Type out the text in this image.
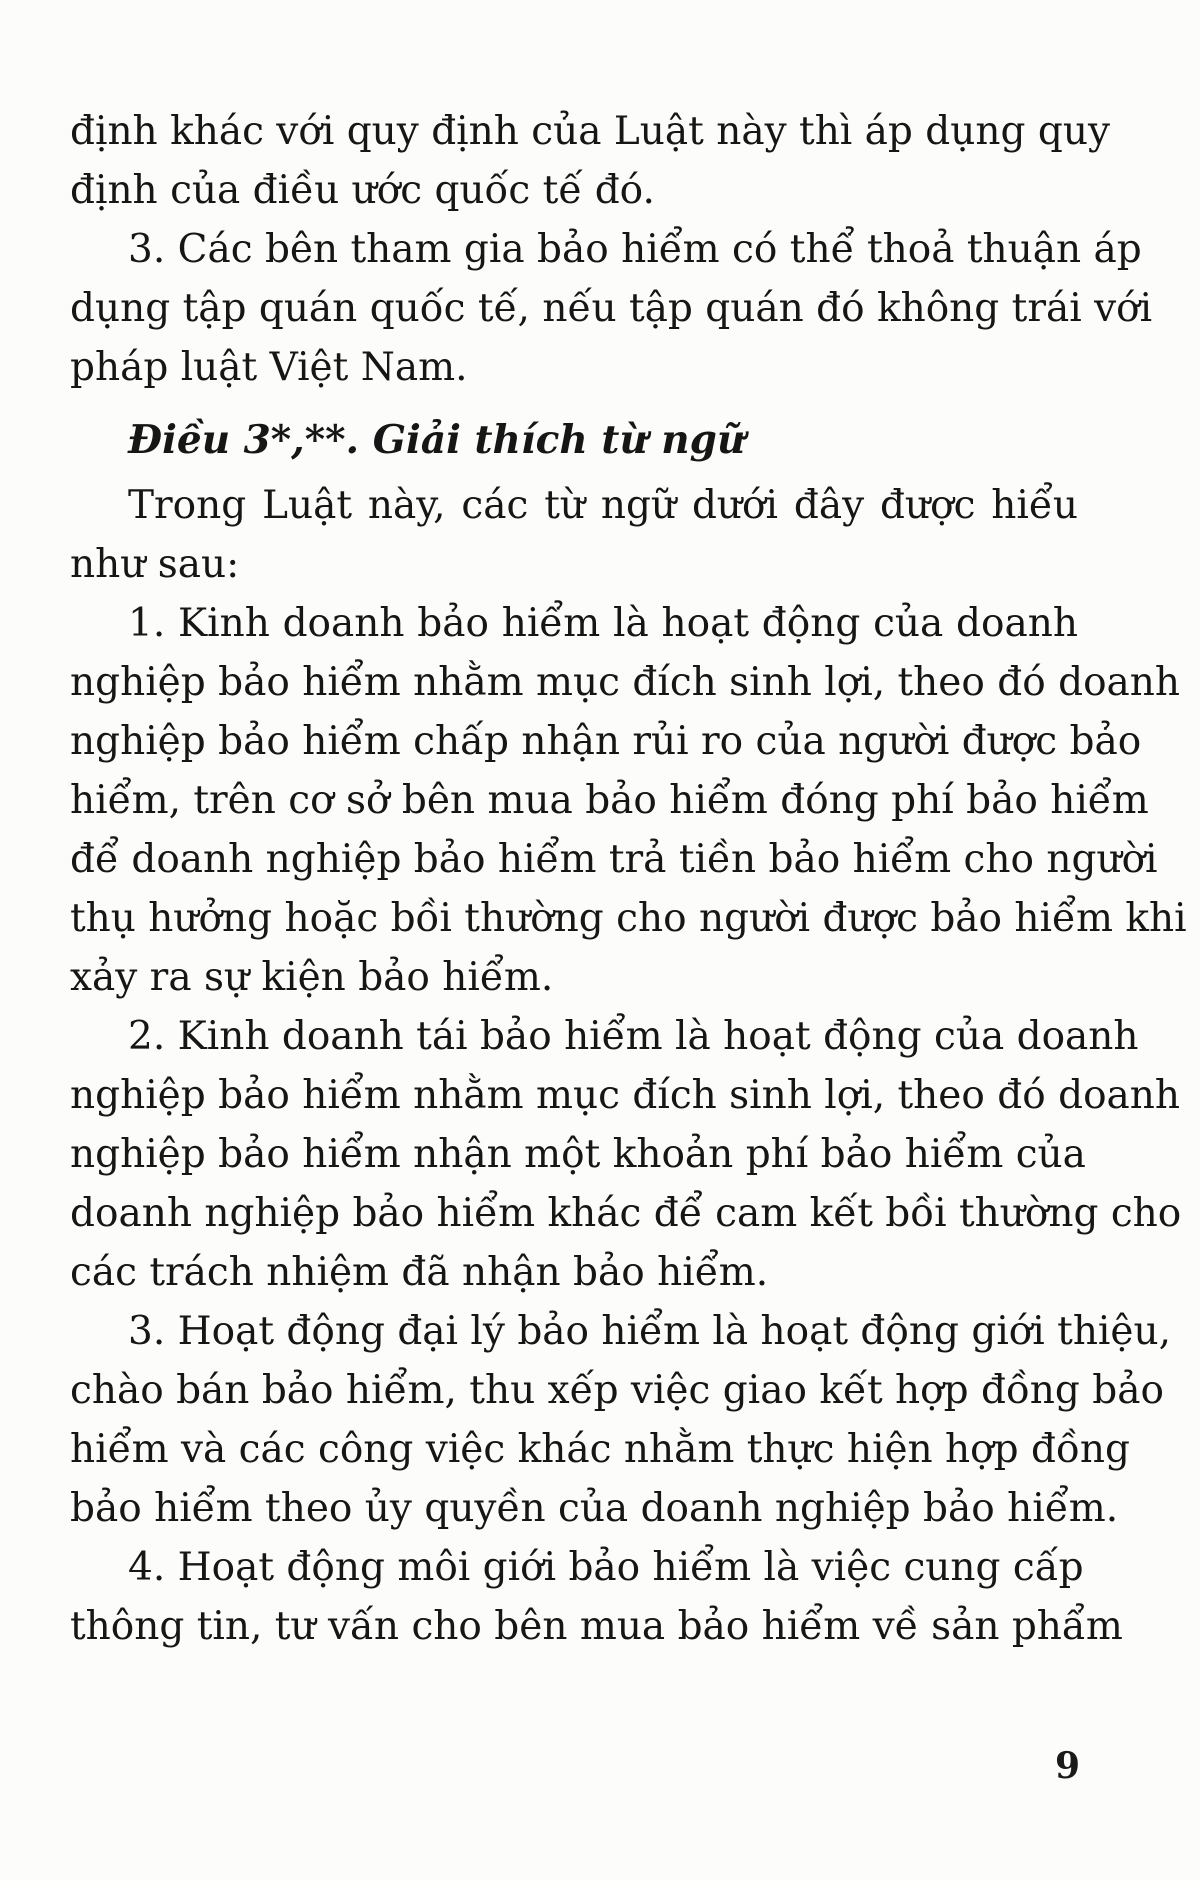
định khác với quy định của Luật này thì áp dụng quy
định của điều ước quốc tế đó.

3. Các bên tham gia bảo hiểm có thể thoả thuận áp
dụng tập quán quốc tế, nếu tập quán đó không trái với
pháp luật Việt Nam.

Điều 3*,**. Giải thích từ ngữ

Trong Luật này, các từ ngữ dưới đây được hiểu
như sau:

1. Kinh doanh bảo hiểm là hoạt động của doanh
nghiệp bảo hiểm nhằm mục đích sinh lợi, theo đó doanh
nghiệp bảo hiểm chấp nhận rủi ro của người được bảo
hiểm, trên cơ sở bên mua bảo hiểm đóng phí bảo hiểm
để doanh nghiệp bảo hiểm trả tiền bảo hiểm cho người
thụ hưởng hoặc bồi thường cho người được bảo hiểm khi
xảy ra sự kiện bảo hiểm.

2. Kinh doanh tái bảo hiểm là hoạt động của doanh
nghiệp bảo hiểm nhằm mục đích sinh lợi, theo đó doanh
nghiệp bảo hiểm nhận một khoản phí bảo hiểm của
doanh nghiệp bảo hiểm khác để cam kết bồi thường cho
các trách nhiệm đã nhận bảo hiểm.

3. Hoạt động đại lý bảo hiểm là hoạt động giới thiệu,
chào bán bảo hiểm, thu xếp việc giao kết hợp đồng bảo
hiểm và các công việc khác nhằm thực hiện hợp đồng
bảo hiểm theo ủy quyền của doanh nghiệp bảo hiểm.

4. Hoạt động môi giới bảo hiểm là việc cung cấp
thông tin, tư vấn cho bên mua bảo hiểm về sản phẩm

9
